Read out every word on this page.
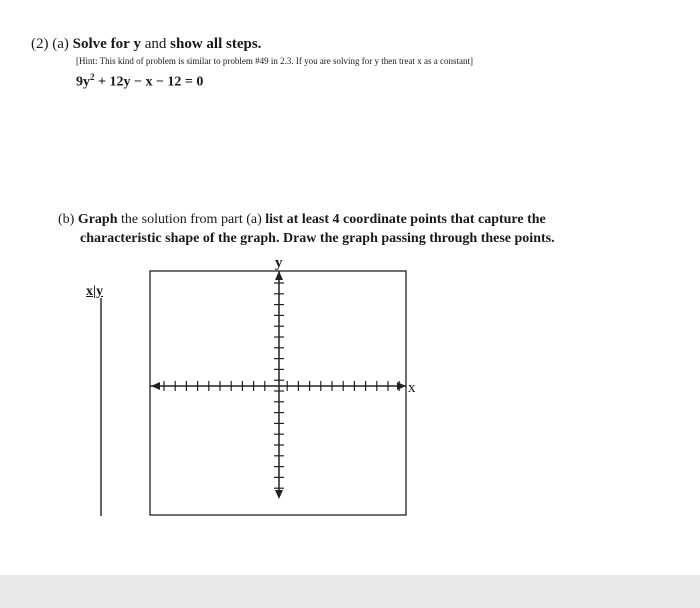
(2) (a) Solve for y and show all steps.
[Hint: This kind of problem is similar to problem #49 in 2.3. If you are solving for y then treat x as a constant]
$9y^2 + 12y - x - 12 = 0$
(b) Graph the solution from part (a) list at least 4 coordinate points that capture the
characteristic shape of the graph. Draw the graph passing through these points.
x|y
y
x
